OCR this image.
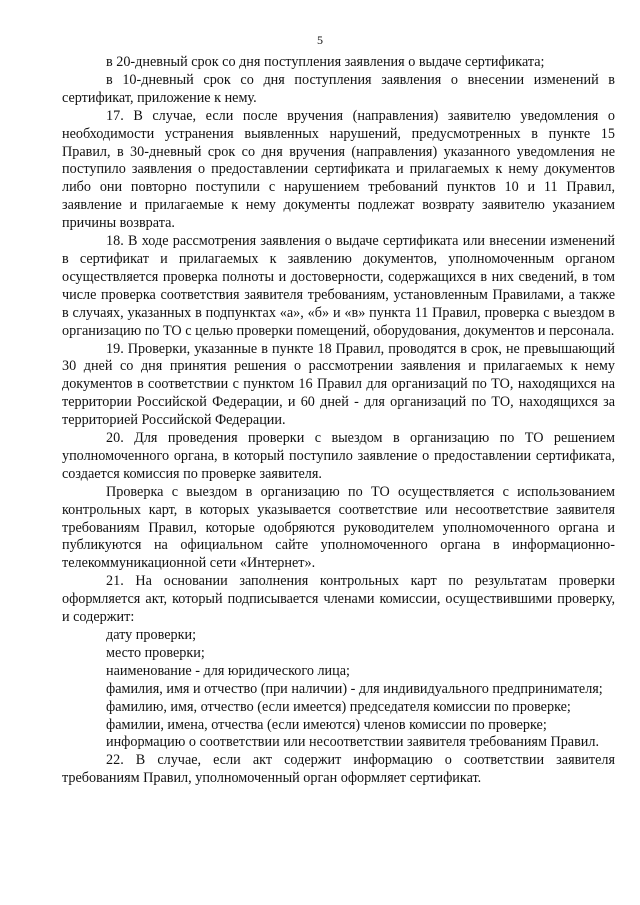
5

в 20-дневный срок со дня поступления заявления о выдаче сертификата;

в 10-дневный срок со дня поступления заявления о внесении изменений в сертификат, приложение к нему.

17. В случае, если после вручения (направления) заявителю уведомления о необходимости устранения выявленных нарушений, предусмотренных в пункте 15 Правил, в 30-дневный срок со дня вручения (направления) указанного уведомления не поступило заявления о предоставлении сертификата и прилагаемых к нему документов либо они повторно поступили с нарушением требований пунктов 10 и 11 Правил, заявление и прилагаемые к нему документы подлежат возврату заявителю указанием причины возврата.

18. В ходе рассмотрения заявления о выдаче сертификата или внесении изменений в сертификат и прилагаемых к заявлению документов, уполномоченным органом осуществляется проверка полноты и достоверности, содержащихся в них сведений, в том числе проверка соответствия заявителя требованиям, установленным Правилами, а также в случаях, указанных в подпунктах «а», «б» и «в» пункта 11 Правил, проверка с выездом в организацию по ТО с целью проверки помещений, оборудования, документов и персонала.

19. Проверки, указанные в пункте 18 Правил, проводятся в срок, не превышающий 30 дней со дня принятия решения о рассмотрении заявления и прилагаемых к нему документов в соответствии с пунктом 16 Правил для организаций по ТО, находящихся на территории Российской Федерации, и 60 дней - для организаций по ТО, находящихся за территорией Российской Федерации.

20. Для проведения проверки с выездом в организацию по ТО решением уполномоченного органа, в который поступило заявление о предоставлении сертификата, создается комиссия по проверке заявителя.

Проверка с выездом в организацию по ТО осуществляется с использованием контрольных карт, в которых указывается соответствие или несоответствие заявителя требованиям Правил, которые одобряются руководителем уполномоченного органа и публикуются на официальном сайте уполномоченного органа в информационно-телекоммуникационной сети «Интернет».

21. На основании заполнения контрольных карт по результатам проверки оформляется акт, который подписывается членами комиссии, осуществившими проверку, и содержит:

дату проверки;

место проверки;

наименование - для юридического лица;

фамилия, имя и отчество (при наличии) - для индивидуального предпринимателя;

фамилию, имя, отчество (если имеется) председателя комиссии по проверке;

фамилии, имена, отчества (если имеются) членов комиссии по проверке;

информацию о соответствии или несоответствии заявителя требованиям Правил.

22. В случае, если акт содержит информацию о соответствии заявителя требованиям Правил, уполномоченный орган оформляет сертификат.
